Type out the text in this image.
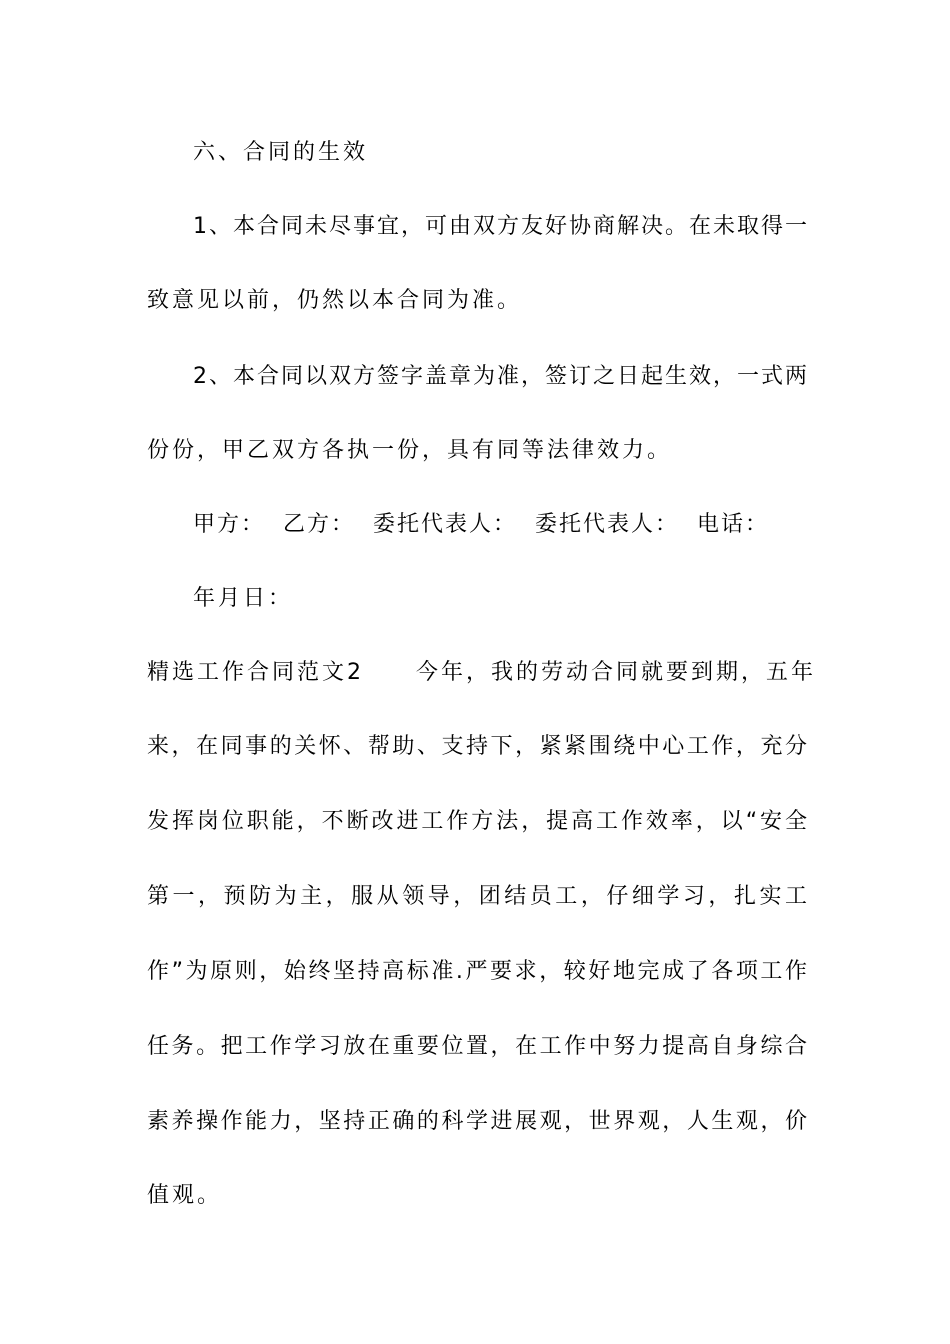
六、合同的生效
1、本合同未尽事宜，可由双方友好协商解决。在未取得一
致意见以前，仍然以本合同为准。
2、本合同以双方签字盖章为准，签订之日起生效，一式两
份份，甲乙双方各执一份，具有同等法律效力。
甲方：  乙方：  委托代表人：  委托代表人：  电话：
年月日：
精选工作合同范文2 今年，我的劳动合同就要到期，五年
来，在同事的关怀、帮助、支持下，紧紧围绕中心工作，充分
发挥岗位职能，不断改进工作方法，提高工作效率，以“安全
第一，预防为主，服从领导，团结员工，仔细学习，扎实工
作”为原则，始终坚持高标准.严要求，较好地完成了各项工作
任务。把工作学习放在重要位置，在工作中努力提高自身综合
素养操作能力，坚持正确的科学进展观，世界观，人生观，价
值观。
